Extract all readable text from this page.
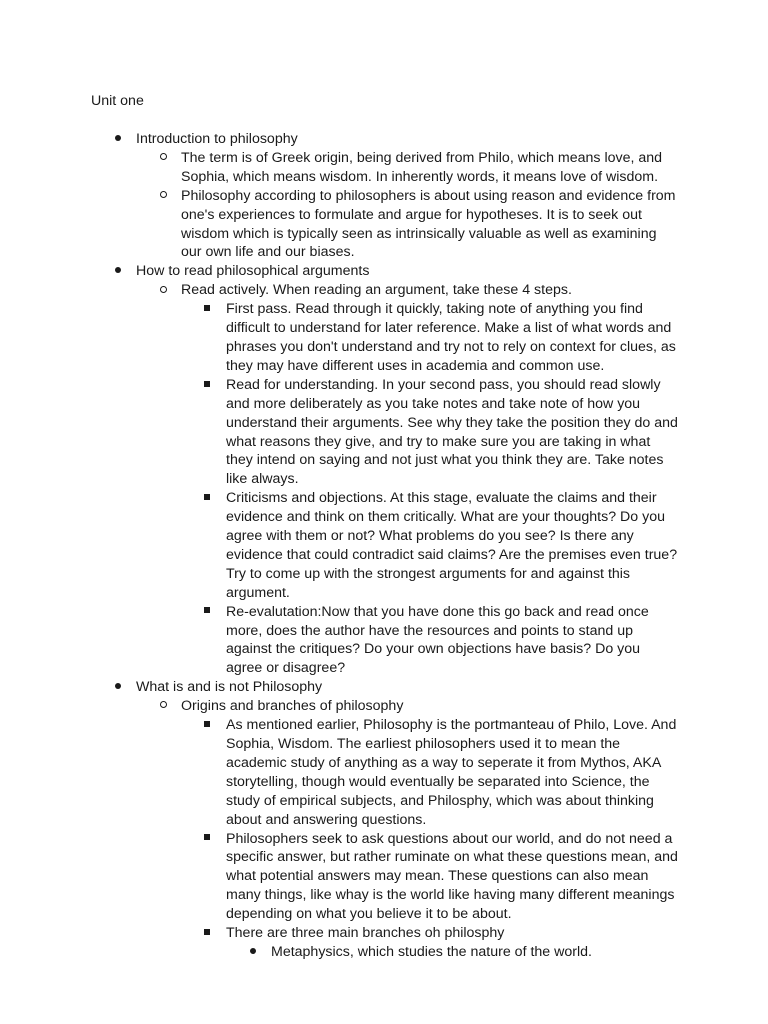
Unit one

Introduction to philosophy

The term is of Greek origin, being derived from Philo, which means love, and Sophia, which means wisdom. In inherently words, it means love of wisdom.

Philosophy according to philosophers is about using reason and evidence from one's experiences to formulate and argue for hypotheses. It is to seek out wisdom which is typically seen as intrinsically valuable as well as examining our own life and our biases.

How to read philosophical arguments

Read actively. When reading an argument, take these 4 steps.

First pass. Read through it quickly, taking note of anything you find difficult to understand for later reference. Make a list of what words and phrases you don't understand and try not to rely on context for clues, as they may have different uses in academia and common use.

Read for understanding. In your second pass, you should read slowly and more deliberately as you take notes and take note of how you understand their arguments. See why they take the position they do and what reasons they give, and try to make sure you are taking in what they intend on saying and not just what you think they are. Take notes like always.

Criticisms and objections. At this stage, evaluate the claims and their evidence and think on them critically. What are your thoughts? Do you agree with them or not? What problems do you see? Is there any evidence that could contradict said claims? Are the premises even true? Try to come up with the strongest arguments for and against this argument.

Re-evalutation:Now that you have done this go back and read once more, does the author have the resources and points to stand up against the critiques? Do your own objections have basis? Do you agree or disagree?

What is and is not Philosophy

Origins and branches of philosophy

As mentioned earlier, Philosophy is the portmanteau of Philo, Love. And Sophia, Wisdom. The earliest philosophers used it to mean the academic study of anything as a way to seperate it from Mythos, AKA storytelling, though would eventually be separated into Science, the study of empirical subjects, and Philosphy, which was about thinking about and answering questions.

Philosophers seek to ask questions about our world, and do not need a specific answer, but rather ruminate on what these questions mean, and what potential answers may mean. These questions can also mean many things, like whay is the world like having many different meanings depending on what you believe it to be about.

There are three main branches oh philosphy

Metaphysics, which studies the nature of the world.
